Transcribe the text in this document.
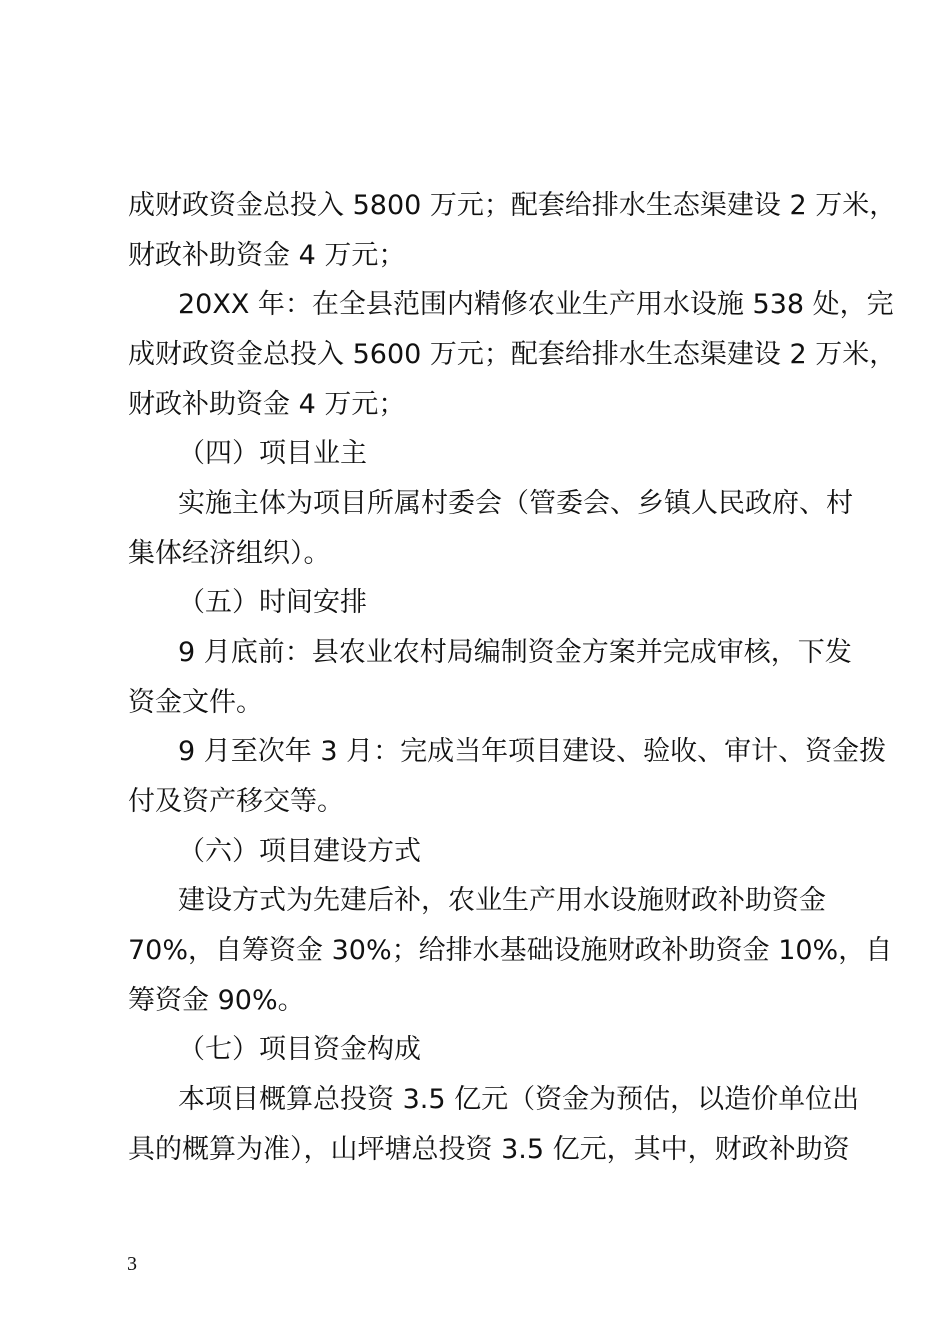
成财政资金总投入 5800 万元；配套给排水生态渠建设 2 万米，
财政补助资金 4 万元；
20XX 年：在全县范围内精修农业生产用水设施 538 处，完
成财政资金总投入 5600 万元；配套给排水生态渠建设 2 万米，
财政补助资金 4 万元；
（四）项目业主
实施主体为项目所属村委会（管委会、乡镇人民政府、村
集体经济组织）。
（五）时间安排
9 月底前：县农业农村局编制资金方案并完成审核，下发
资金文件。
9 月至次年 3 月：完成当年项目建设、验收、审计、资金拨
付及资产移交等。
（六）项目建设方式
建设方式为先建后补，农业生产用水设施财政补助资金
70%，自筹资金 30%；给排水基础设施财政补助资金 10%，自
筹资金 90%。
（七）项目资金构成
本项目概算总投资 3.5 亿元（资金为预估，以造价单位出
具的概算为准），山坪塘总投资 3.5 亿元，其中，财政补助资
3
